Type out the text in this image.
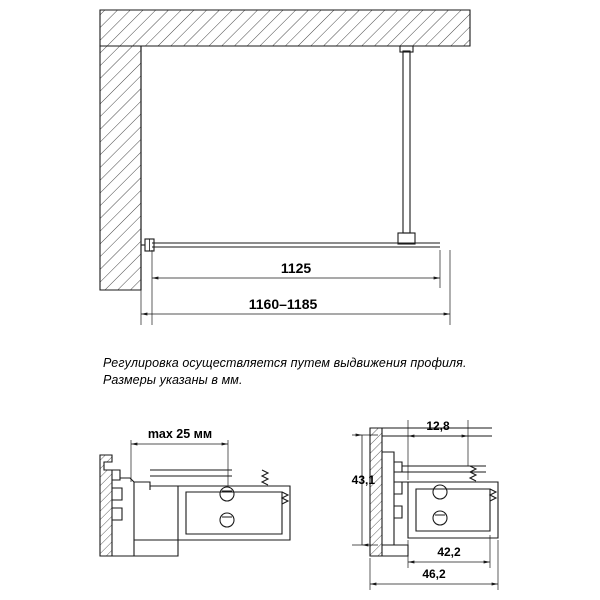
1125
1160–1185
max 25 мм
12,8
43,1
42,2
46,2
Регулировка осуществляется путем выдвижения профиля.
Размеры указаны в мм.
